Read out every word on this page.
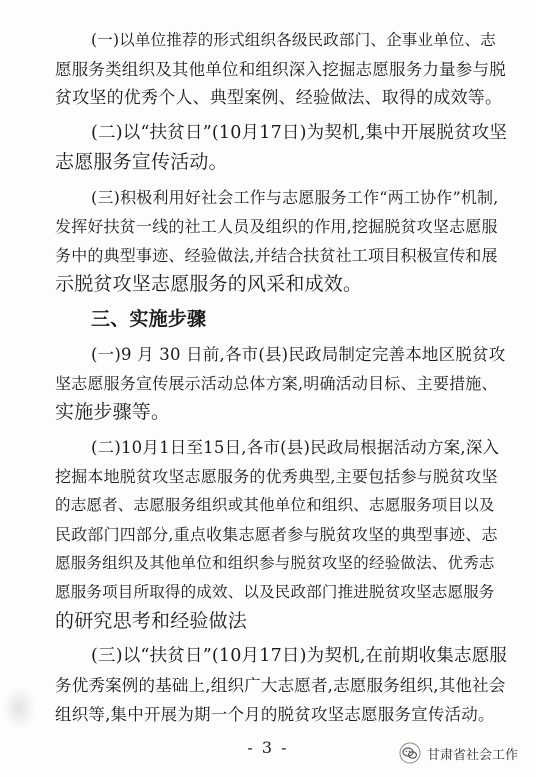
(一)以单位推荐的形式组织各级民政部门、企事业单位、志
愿服务类组织及其他单位和组织深入挖掘志愿服务力量参与脱
贫攻坚的优秀个人、典型案例、经验做法、取得的成效等。
(二)以“扶贫日”(10月17日)为契机,集中开展脱贫攻坚
志愿服务宣传活动。
(三)积极利用好社会工作与志愿服务工作“两工协作”机制,
发挥好扶贫一线的社工人员及组织的作用,挖掘脱贫攻坚志愿服
务中的典型事迹、经验做法,并结合扶贫社工项目积极宣传和展
示脱贫攻坚志愿服务的风采和成效。
三、实施步骤
(一)9 月 30 日前,各市(县)民政局制定完善本地区脱贫攻
坚志愿服务宣传展示活动总体方案,明确活动目标、主要措施、
实施步骤等。
(二)10月1日至15日,各市(县)民政局根据活动方案,深入
挖掘本地脱贫攻坚志愿服务的优秀典型,主要包括参与脱贫攻坚
的志愿者、志愿服务组织或其他单位和组织、志愿服务项目以及
民政部门四部分,重点收集志愿者参与脱贫攻坚的典型事迹、志
愿服务组织及其他单位和组织参与脱贫攻坚的经验做法、优秀志
愿服务项目所取得的成效、以及民政部门推进脱贫攻坚志愿服务
的研究思考和经验做法
(三)以“扶贫日”(10月17日)为契机,在前期收集志愿服
务优秀案例的基础上,组织广大志愿者,志愿服务组织,其他社会
组织等,集中开展为期一个月的脱贫攻坚志愿服务宣传活动。
- 3 -	甘肃省社会工作
